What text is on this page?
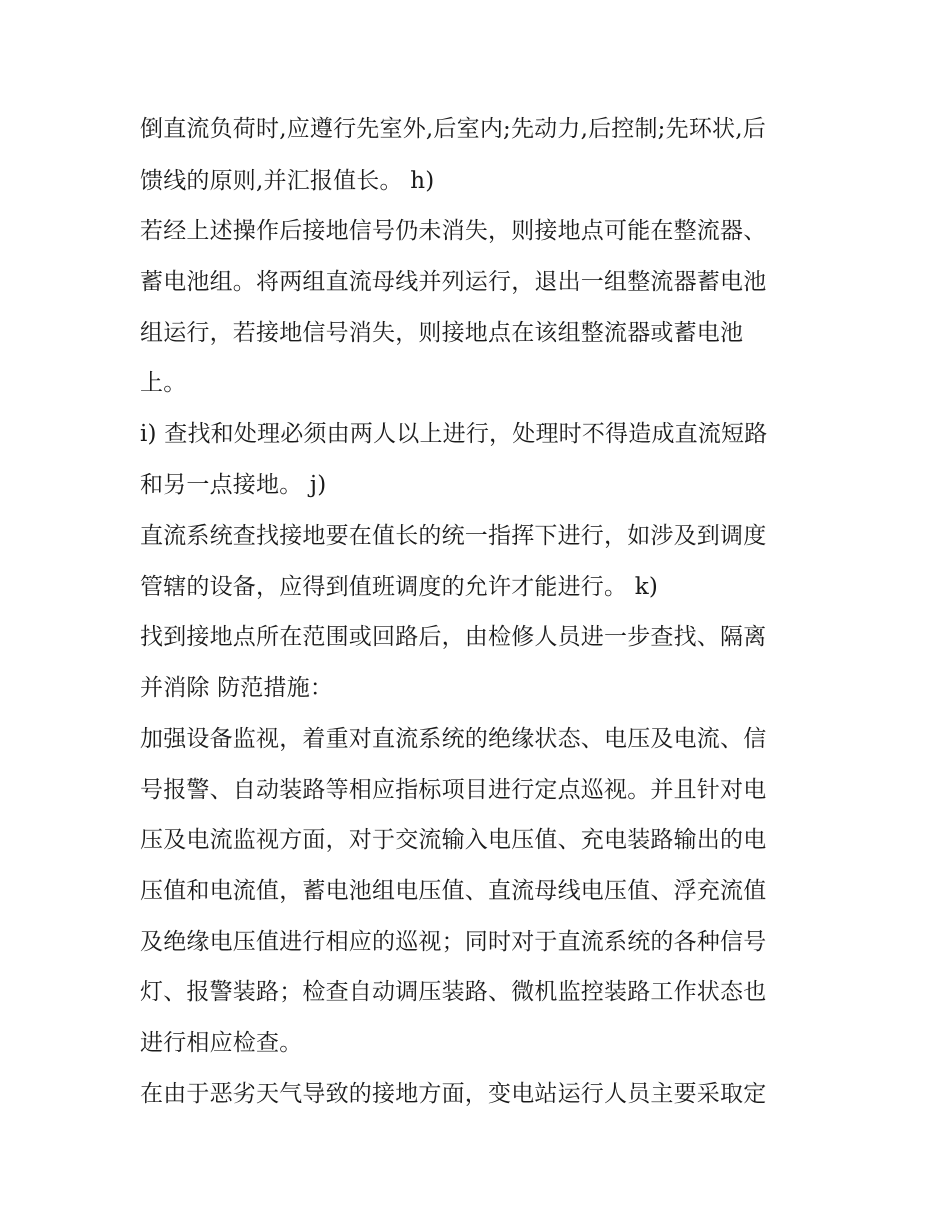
倒直流负荷时,应遵行先室外,后室内;先动力,后控制;先环状,后
馈线的原则,并汇报值长。 h)
若经上述操作后接地信号仍未消失，则接地点可能在整流器、
蓄电池组。将两组直流母线并列运行，退出一组整流器蓄电池
组运行，若接地信号消失，则接地点在该组整流器或蓄电池
上。
i) 查找和处理必须由两人以上进行，处理时不得造成直流短路
和另一点接地。 j)
直流系统查找接地要在值长的统一指挥下进行，如涉及到调度
管辖的设备，应得到值班调度的允许才能进行。 k)
找到接地点所在范围或回路后，由检修人员进一步查找、隔离
并消除 防范措施：
加强设备监视，着重对直流系统的绝缘状态、电压及电流、信
号报警、自动装路等相应指标项目进行定点巡视。并且针对电
压及电流监视方面，对于交流输入电压值、充电装路输出的电
压值和电流值，蓄电池组电压值、直流母线电压值、浮充流值
及绝缘电压值进行相应的巡视；同时对于直流系统的各种信号
灯、报警装路；检查自动调压装路、微机监控装路工作状态也
进行相应检查。
在由于恶劣天气导致的接地方面，变电站运行人员主要采取定
